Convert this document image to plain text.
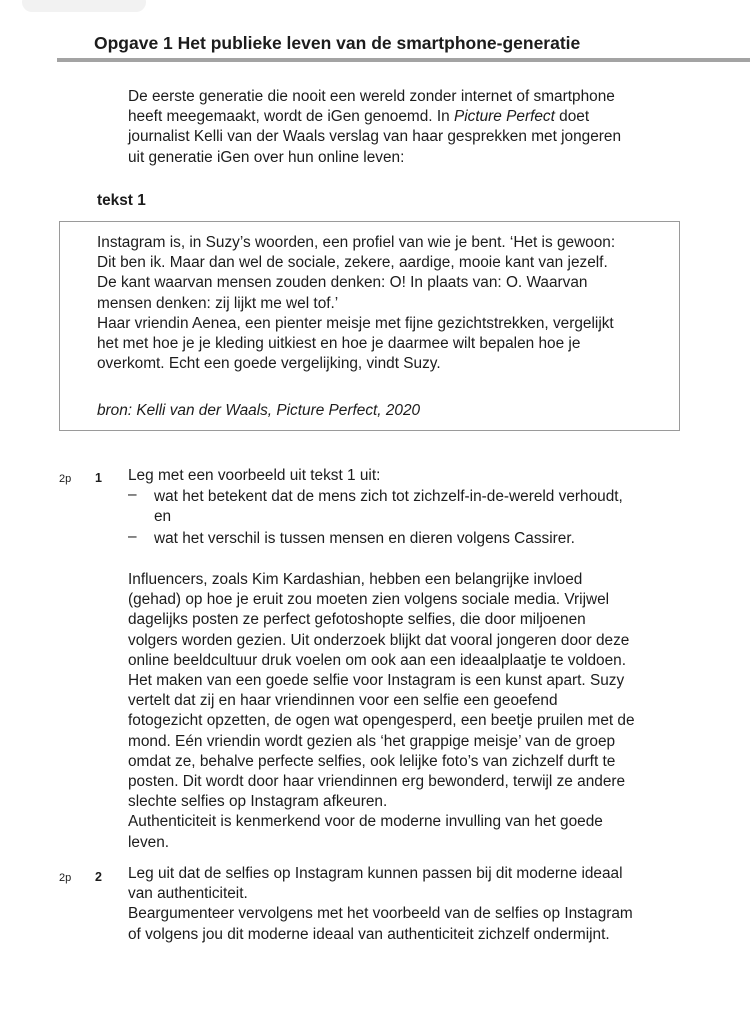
Opgave 1 Het publieke leven van de smartphone-generatie

De eerste generatie die nooit een wereld zonder internet of smartphone
heeft meegemaakt, wordt de iGen genoemd. In Picture Perfect doet
journalist Kelli van der Waals verslag van haar gesprekken met jongeren
uit generatie iGen over hun online leven:

tekst 1

Instagram is, in Suzy’s woorden, een profiel van wie je bent. ‘Het is gewoon:
Dit ben ik. Maar dan wel de sociale, zekere, aardige, mooie kant van jezelf.
De kant waarvan mensen zouden denken: O! In plaats van: O. Waarvan
mensen denken: zij lijkt me wel tof.’
Haar vriendin Aenea, een pienter meisje met fijne gezichtstrekken, vergelijkt
het met hoe je je kleding uitkiest en hoe je daarmee wilt bepalen hoe je
overkomt. Echt een goede vergelijking, vindt Suzy.

bron: Kelli van der Waals, Picture Perfect, 2020
2p 1 Leg met een voorbeeld uit tekst 1 uit:
– wat het betekent dat de mens zich tot zichzelf-in-de-wereld verhoudt,
en
– wat het verschil is tussen mensen en dieren volgens Cassirer.

Influencers, zoals Kim Kardashian, hebben een belangrijke invloed
(gehad) op hoe je eruit zou moeten zien volgens sociale media. Vrijwel
dagelijks posten ze perfect gefotoshopte selfies, die door miljoenen
volgers worden gezien. Uit onderzoek blijkt dat vooral jongeren door deze
online beeldcultuur druk voelen om ook aan een ideaalplaatje te voldoen.
Het maken van een goede selfie voor Instagram is een kunst apart. Suzy
vertelt dat zij en haar vriendinnen voor een selfie een geoefend
fotogezicht opzetten, de ogen wat opengesperd, een beetje pruilen met de
mond. Eén vriendin wordt gezien als ‘het grappige meisje’ van de groep
omdat ze, behalve perfecte selfies, ook lelijke foto’s van zichzelf durft te
posten. Dit wordt door haar vriendinnen erg bewonderd, terwijl ze andere
slechte selfies op Instagram afkeuren.
Authenticiteit is kenmerkend voor de moderne invulling van het goede
leven.

2p 2 Leg uit dat de selfies op Instagram kunnen passen bij dit moderne ideaal
van authenticiteit.
Beargumenteer vervolgens met het voorbeeld van de selfies op Instagram
of volgens jou dit moderne ideaal van authenticiteit zichzelf ondermijnt.
